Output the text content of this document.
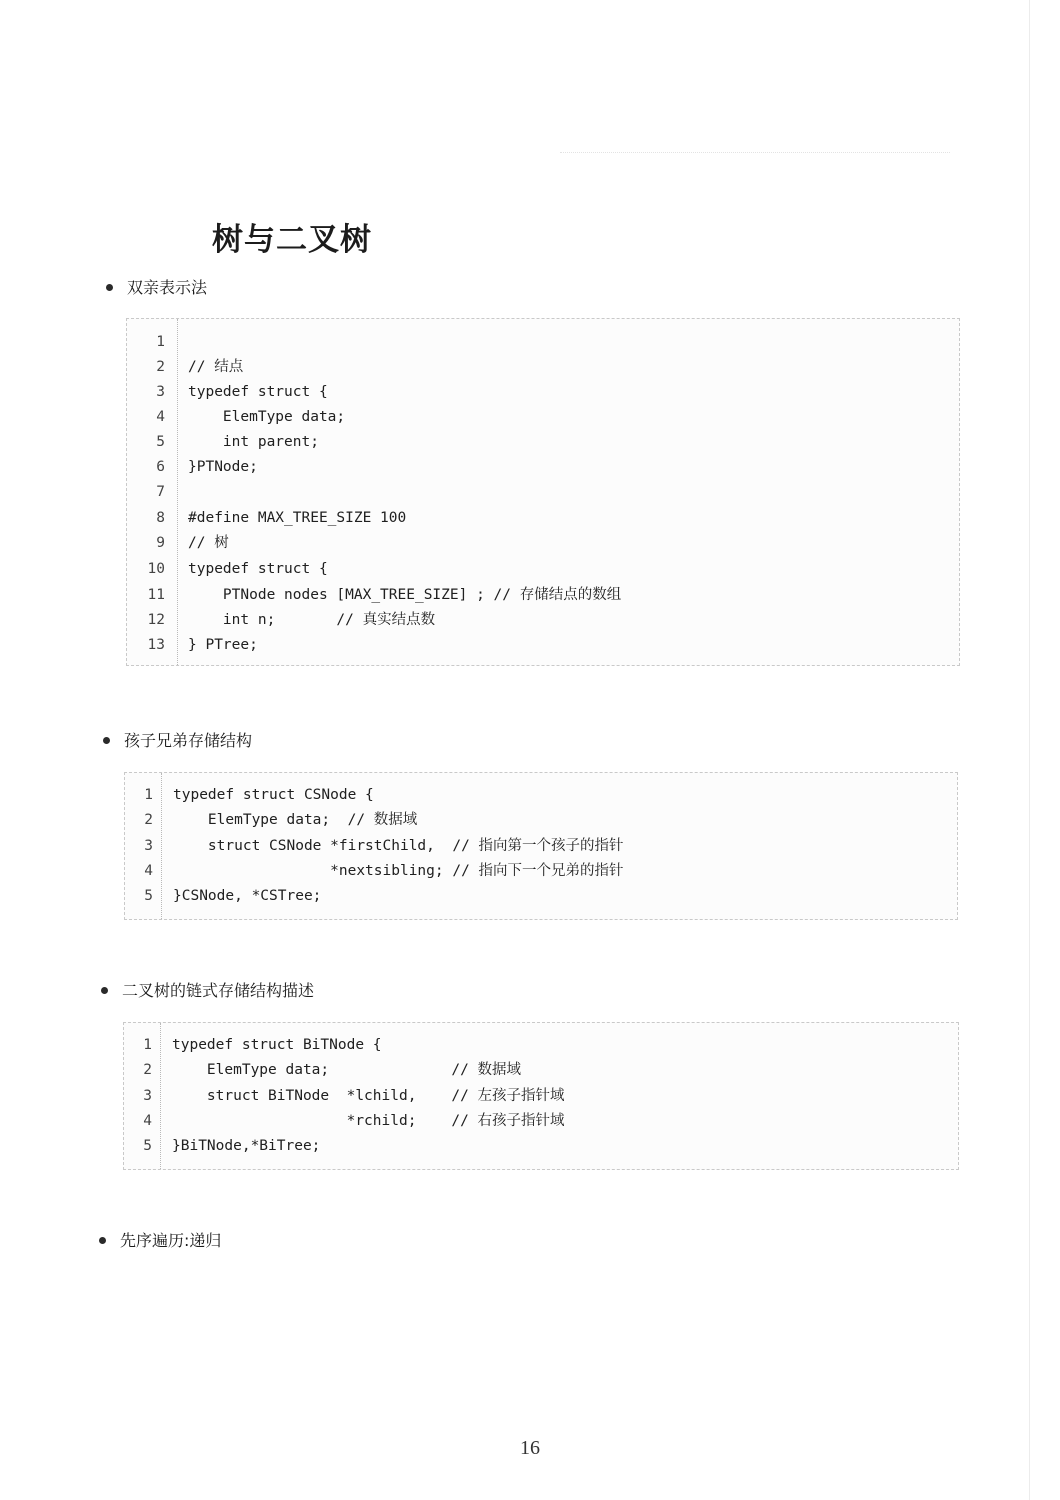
树与二叉树
双亲表示法
1
2 // 结点
3 typedef struct {
4 ElemType data;
5 int parent;
6 }PTNode;
7
8 #define MAX_TREE_SIZE 100
9 // 树
10 typedef struct {
11 PTNode nodes [MAX_TREE_SIZE] ; // 存储结点的数组
12 int n;       // 真实结点数
13 } PTree;
孩子兄弟存储结构
1 typedef struct CSNode {
2 ElemType data;  // 数据域
3 struct CSNode *firstChild,  // 指向第一个孩子的指针
4 *nextsibling; // 指向下一个兄弟的指针
5 }CSNode, *CSTree;
二叉树的链式存储结构描述
1 typedef struct BiTNode {
2 ElemType data;              // 数据域
3 struct BiTNode  *lchild,    // 左孩子指针域
4 *rchild;    // 右孩子指针域
5 }BiTNode,*BiTree;
先序遍历:递归
16
